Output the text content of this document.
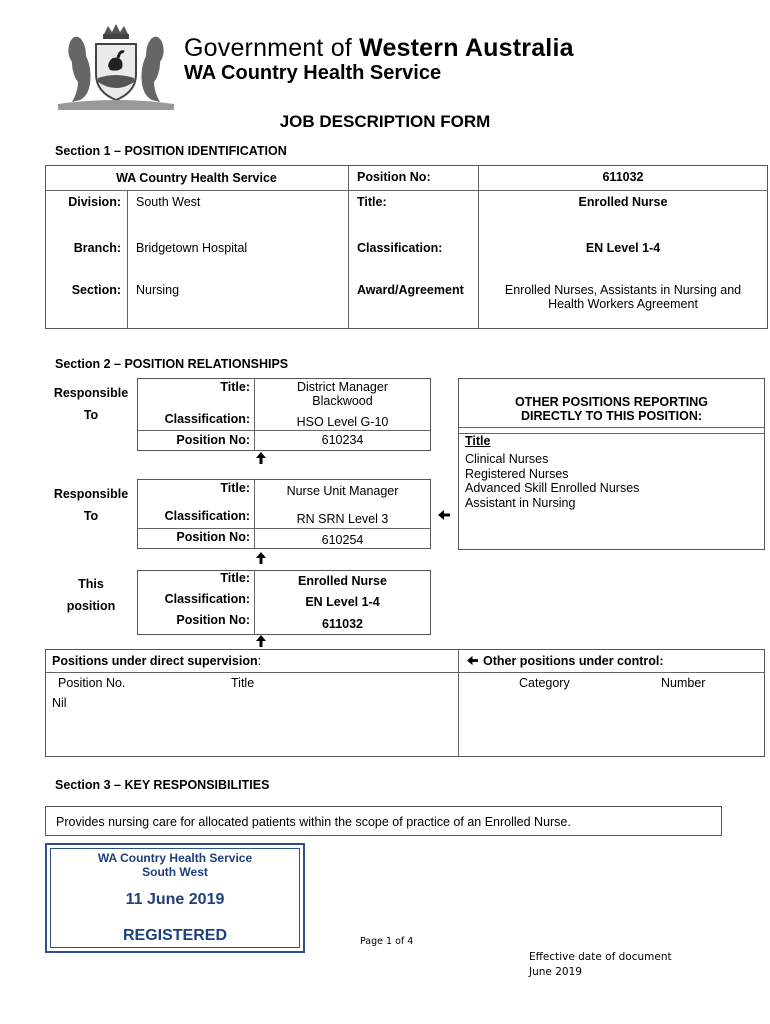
Government of Western Australia
WA Country Health Service
JOB DESCRIPTION FORM
Section 1 – POSITION IDENTIFICATION
WA Country Health Service	Position No:	611032
Division: South West	Title:	Enrolled Nurse
Branch: Bridgetown Hospital	Classification:	EN Level 1-4
Section: Nursing	Award/Agreement	Enrolled Nurses, Assistants in Nursing and
Health Workers Agreement
Section 2 – POSITION RELATIONSHIPS
Responsible
To
Responsible
To
This
position
Title:	District Manager
Blackwood
Classification:	HSO Level G-10
Position No:	610234
Title:	Nurse Unit Manager
Classification:	RN SRN Level 3
Position No:	610254
Title:	Enrolled Nurse
Classification:	EN Level 1-4
Position No:	611032
OTHER POSITIONS REPORTING
DIRECTLY TO THIS POSITION:
Title
Clinical Nurses
Registered Nurses
Advanced Skill Enrolled Nurses
Assistant in Nursing
Positions under direct supervision:	Other positions under control:
Position No.	Title
Nil
Category	Number
Section 3 – KEY RESPONSIBILITIES
Provides nursing care for allocated patients within the scope of practice of an Enrolled Nurse.
WA Country Health Service
South West
11 June 2019
REGISTERED	Page 1 of 4
Effective date of document
June 2019
